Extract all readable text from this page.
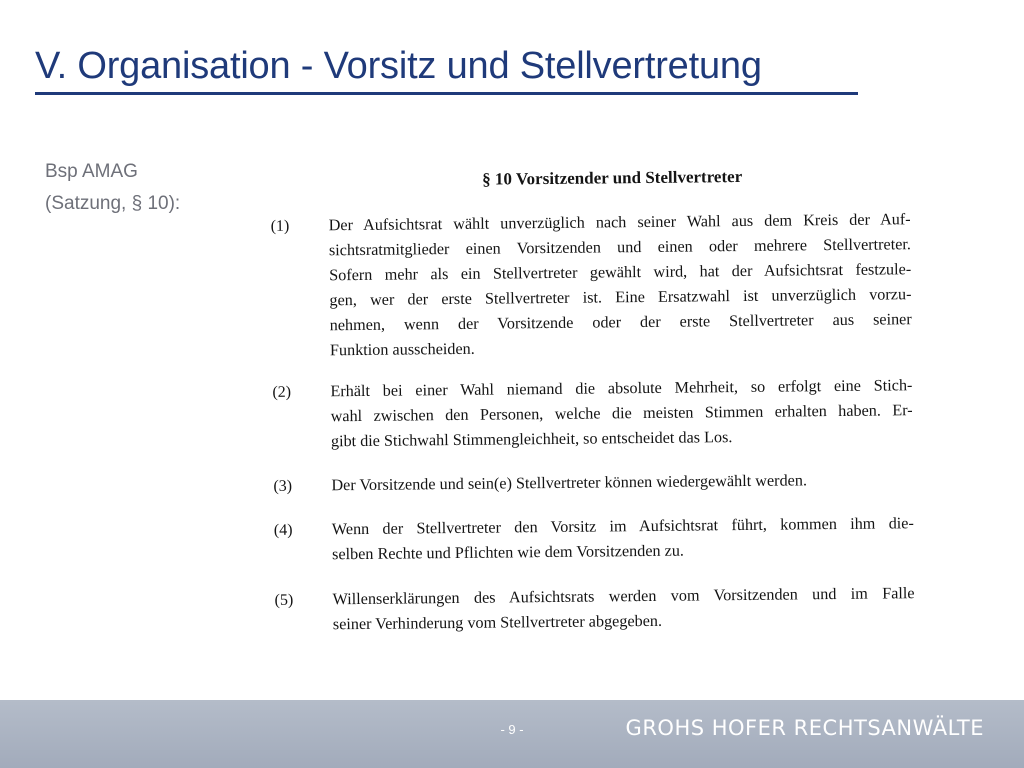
V. Organisation - Vorsitz und Stellvertretung
Bsp AMAG
(Satzung, § 10):
§ 10 Vorsitzender und Stellvertreter
(1) Der Aufsichtsrat wählt unverzüglich nach seiner Wahl aus dem Kreis der Auf-
sichtsratmitglieder einen Vorsitzenden und einen oder mehrere Stellvertreter.
Sofern mehr als ein Stellvertreter gewählt wird, hat der Aufsichtsrat festzule-
gen, wer der erste Stellvertreter ist. Eine Ersatzwahl ist unverzüglich vorzu-
nehmen, wenn der Vorsitzende oder der erste Stellvertreter aus seiner
Funktion ausscheiden.
(2) Erhält bei einer Wahl niemand die absolute Mehrheit, so erfolgt eine Stich-
wahl zwischen den Personen, welche die meisten Stimmen erhalten haben. Er-
gibt die Stichwahl Stimmengleichheit, so entscheidet das Los.
(3) Der Vorsitzende und sein(e) Stellvertreter können wiedergewählt werden.
(4) Wenn der Stellvertreter den Vorsitz im Aufsichtsrat führt, kommen ihm die-
selben Rechte und Pflichten wie dem Vorsitzenden zu.
(5) Willenserklärungen des Aufsichtsrats werden vom Vorsitzenden und im Falle
seiner Verhinderung vom Stellvertreter abgegeben.
- 9 -	GROHS HOFER RECHTSANWÄLTE
